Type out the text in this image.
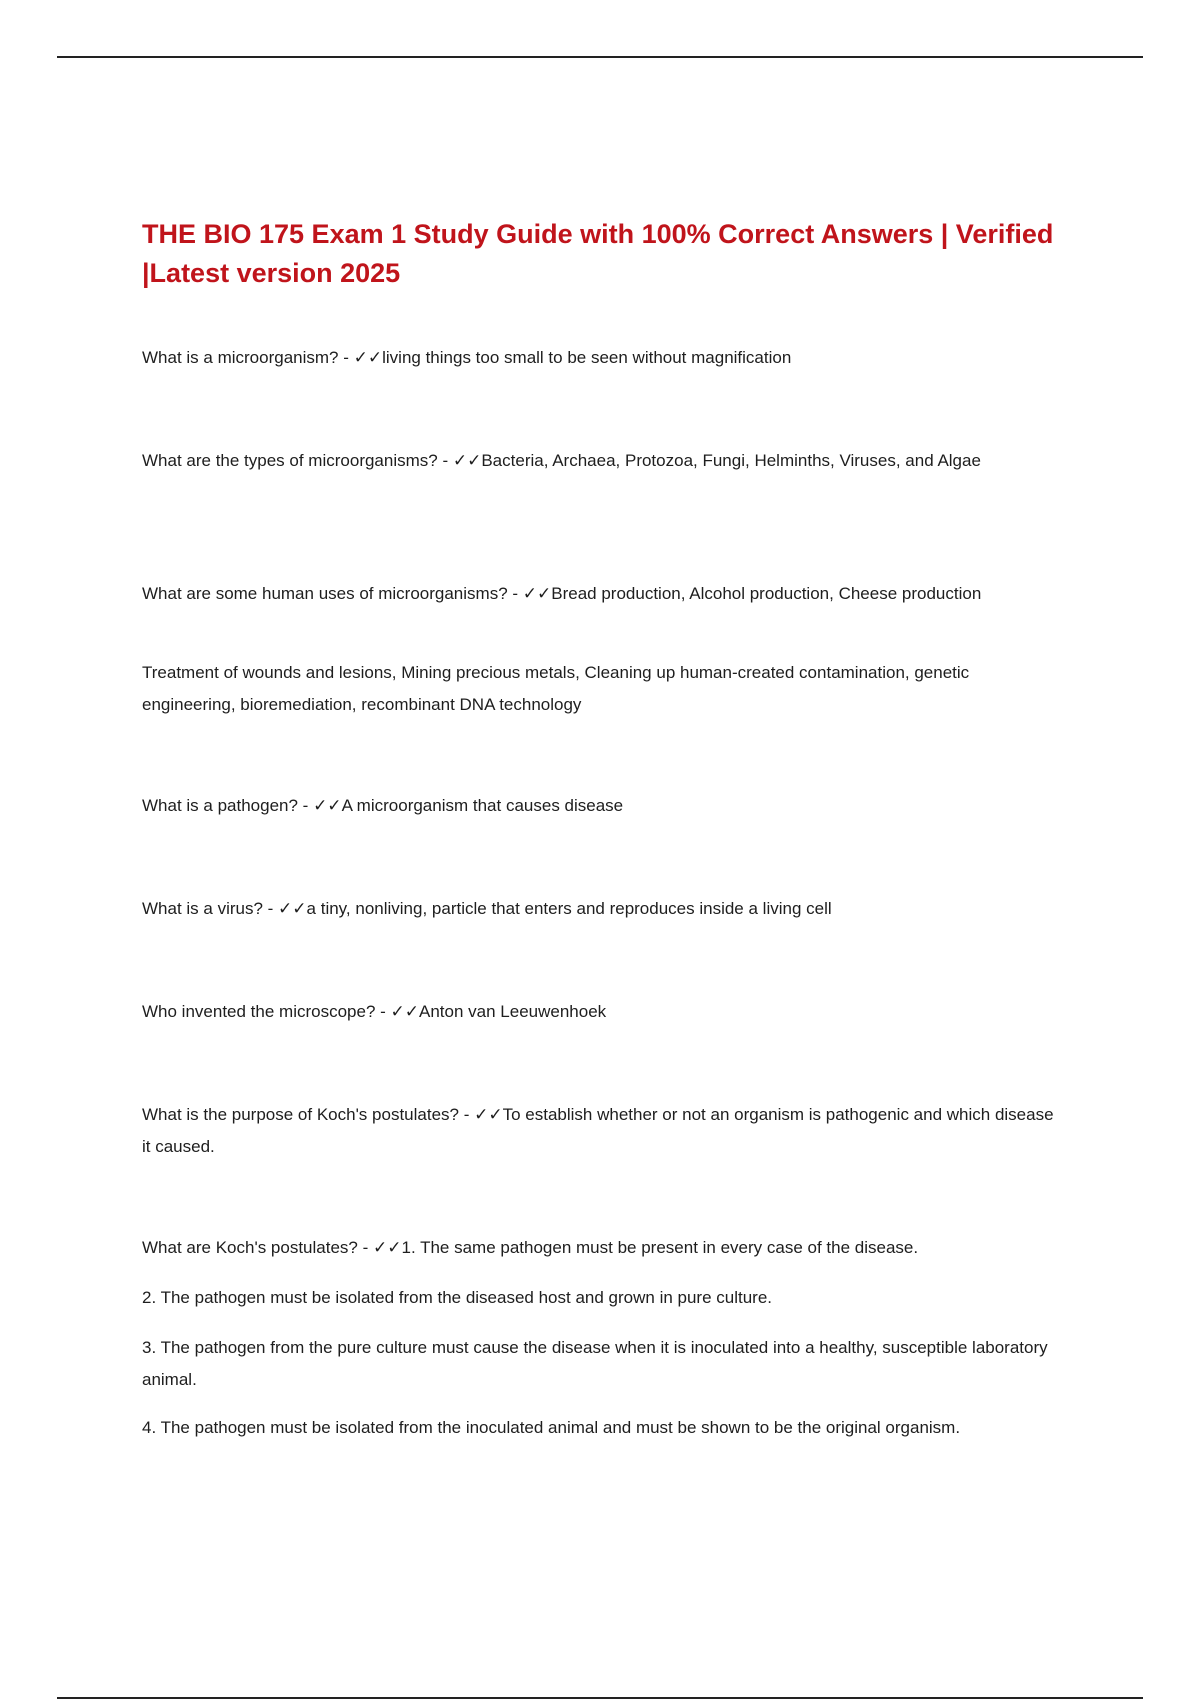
THE BIO 175 Exam 1 Study Guide with 100% Correct Answers | Verified |Latest version 2025

What is a microorganism? - ✓✓living things too small to be seen without magnification

What are the types of microorganisms? - ✓✓Bacteria, Archaea, Protozoa, Fungi, Helminths, Viruses, and Algae

What are some human uses of microorganisms? - ✓✓Bread production, Alcohol production, Cheese production

Treatment of wounds and lesions, Mining precious metals, Cleaning up human-created contamination, genetic engineering, bioremediation, recombinant DNA technology

What is a pathogen? - ✓✓A microorganism that causes disease

What is a virus? - ✓✓a tiny, nonliving, particle that enters and reproduces inside a living cell

Who invented the microscope? - ✓✓Anton van Leeuwenhoek

What is the purpose of Koch's postulates? - ✓✓To establish whether or not an organism is pathogenic and which disease it caused.

What are Koch's postulates? - ✓✓1. The same pathogen must be present in every case of the disease.

2. The pathogen must be isolated from the diseased host and grown in pure culture.

3. The pathogen from the pure culture must cause the disease when it is inoculated into a healthy, susceptible laboratory animal.

4. The pathogen must be isolated from the inoculated animal and must be shown to be the original organism.
